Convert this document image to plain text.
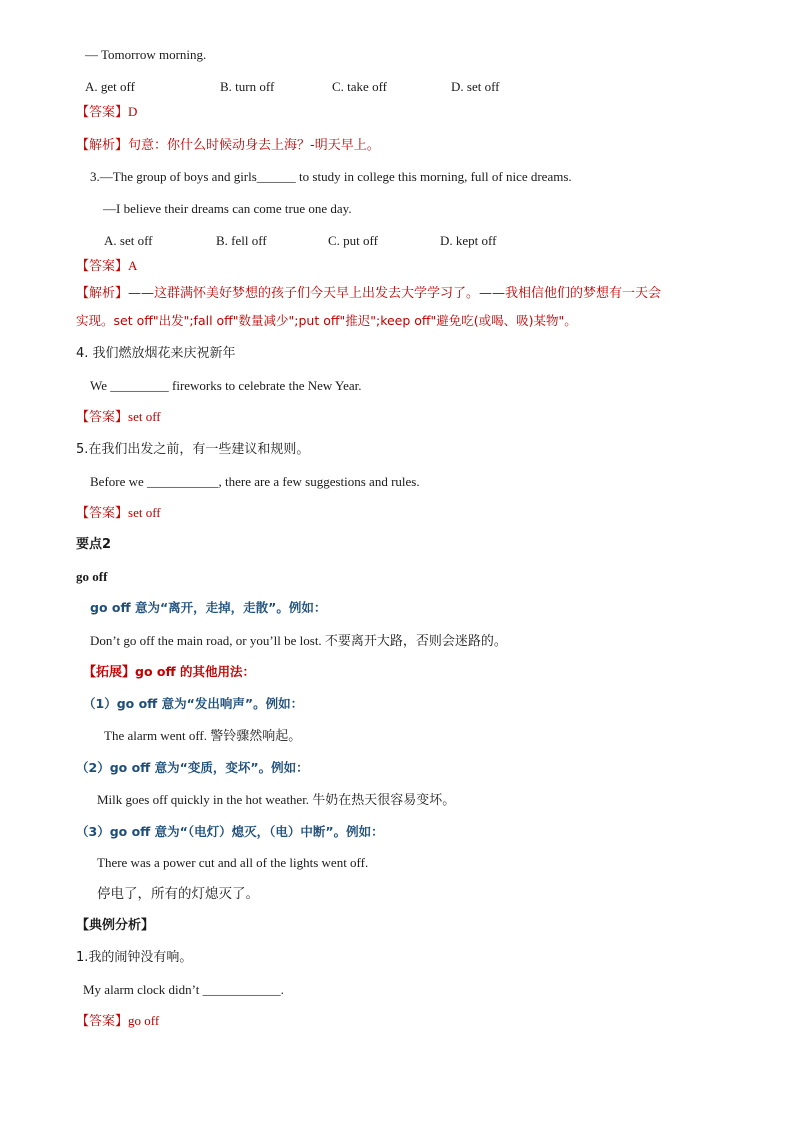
— Tomorrow morning.
A. get off	B. turn off	C. take off	D. set off
【答案】D
【解析】句意：你什么时候动身去上海？-明天早上。
3.—The group of boys and girls______ to study in college this morning, full of nice dreams.
—I believe their dreams can come true one day.
A. set off	B. fell off	C. put off	D. kept off
【答案】A
【解析】——这群满怀美好梦想的孩子们今天早上出发去大学学习了。——我相信他们的梦想有一天会
实现。set off"出发";fall off"数量减少";put off"推迟";keep off"避免吃(或喝、吸)某物"。
4. 我们燃放烟花来庆祝新年
We _________ fireworks to celebrate the New Year.
【答案】set off
5.在我们出发之前，有一些建议和规则。
Before we ___________, there are a few suggestions and rules.
【答案】set off
要点2
go off
go off 意为“离开，走掉，走散”。例如：
Don’t go off the main road, or you’ll be lost. 不要离开大路，否则会迷路的。
【拓展】go off 的其他用法：
（1）go off 意为“发出响声”。例如：
The alarm went off. 警铃骤然响起。
（2）go off 意为“变质，变坏”。例如：
Milk goes off quickly in the hot weather. 牛奶在热天很容易变坏。
（3）go off 意为“（电灯）熄灭，（电）中断”。例如：
There was a power cut and all of the lights went off.
停电了，所有的灯熄灭了。
【典例分析】
1.我的闹钟没有响。
My alarm clock didn’t ____________.
【答案】go off
